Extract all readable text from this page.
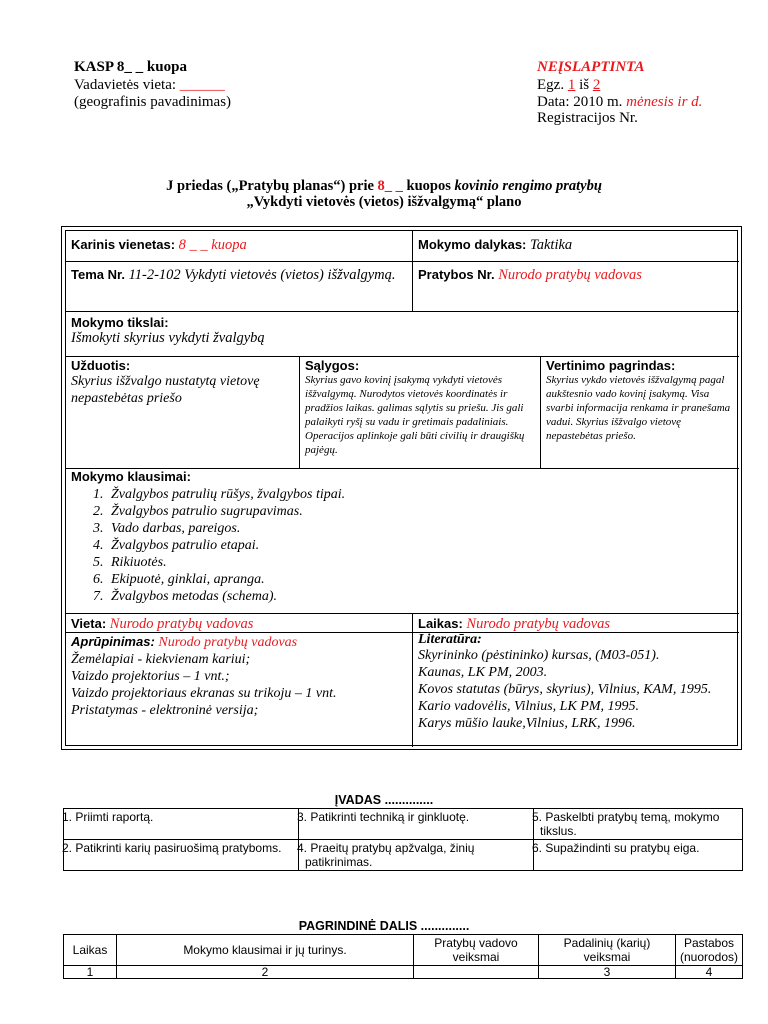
KASP 8_ _ kuopa
Vadavietės vieta: ______
(geografinis pavadinimas)
NEĮSLAPTINTA
Egz. 1 iš 2
Data: 2010 m. mėnesis ir d.
Registracijos Nr.
J priedas („Pratybų planas“) prie 8_ _ kuopos kovinio rengimo pratybų
„Vykdyti vietovės (vietos) išžvalgymą“ plano
Karinis vienetas: 8 _ _ kuopa	Mokymo dalykas: Taktika
Tema Nr. 11-2-102 Vykdyti vietovės (vietos) išžvalgymą.	Pratybos Nr. Nurodo pratybų vadovas
Mokymo tikslai:
Išmokyti skyrius vykdyti žvalgybą
Užduotis:
Skyrius išžvalgo nustatytą vietovę nepastebėtas priešo
Sąlygos:
Skyrius gavo kovinį įsakymą vykdyti vietovės išžvalgymą. Nurodytos vietovės koordinatės ir pradžios laikas. galimas sąlytis su priešu. Jis gali palaikyti ryšį su vadu ir gretimais padaliniais. Operacijos aplinkoje gali būti civilių ir draugiškų pajėgų.
Vertinimo pagrindas:
Skyrius vykdo vietovės išžvalgymą pagal aukštesnio vado kovinį įsakymą. Visa svarbi informacija renkama ir pranešama vadui. Skyrius išžvalgo vietovę nepastebėtas priešo.
Mokymo klausimai:
1. Žvalgybos patrulių rūšys, žvalgybos tipai.
2. Žvalgybos patrulio sugrupavimas.
3. Vado darbas, pareigos.
4. Žvalgybos patrulio etapai.
5. Rikiuotės.
6. Ekipuotė, ginklai, apranga.
7. Žvalgybos metodas (schema).
Vieta: Nurodo pratybų vadovas	Laikas: Nurodo pratybų vadovas
Aprūpinimas: Nurodo pratybų vadovas
Žemėlapiai - kiekvienam kariui;
Vaizdo projektorius – 1 vnt.;
Vaizdo projektoriaus ekranas su trikoju – 1 vnt.
Pristatymas - elektroninė versija;
Literatūra:
Skyrininko (pėstininko) kursas, (M03-051).
Kaunas, LK PM, 2003.
Kovos statutas (būrys, skyrius), Vilnius, KAM, 1995.
Kario vadovėlis, Vilnius, LK PM, 1995.
Karys mūšio lauke,Vilnius, LRK, 1996.
ĮVADAS ..............
1. Priimti raportą.	3. Patikrinti techniką ir ginkluotę.	5. Paskelbti pratybų temą, mokymo tikslus.
2. Patikrinti karių pasiruošimą pratyboms.	4. Praeitų pratybų apžvalga, žinių patikrinimas.	6. Supažindinti su pratybų eiga.
PAGRINDINĖ DALIS ..............
Laikas	Mokymo klausimai ir jų turinys.	Pratybų vadovo veiksmai	Padalinių (karių) veiksmai	Pastabos (nuorodos)
1	2		3	4
